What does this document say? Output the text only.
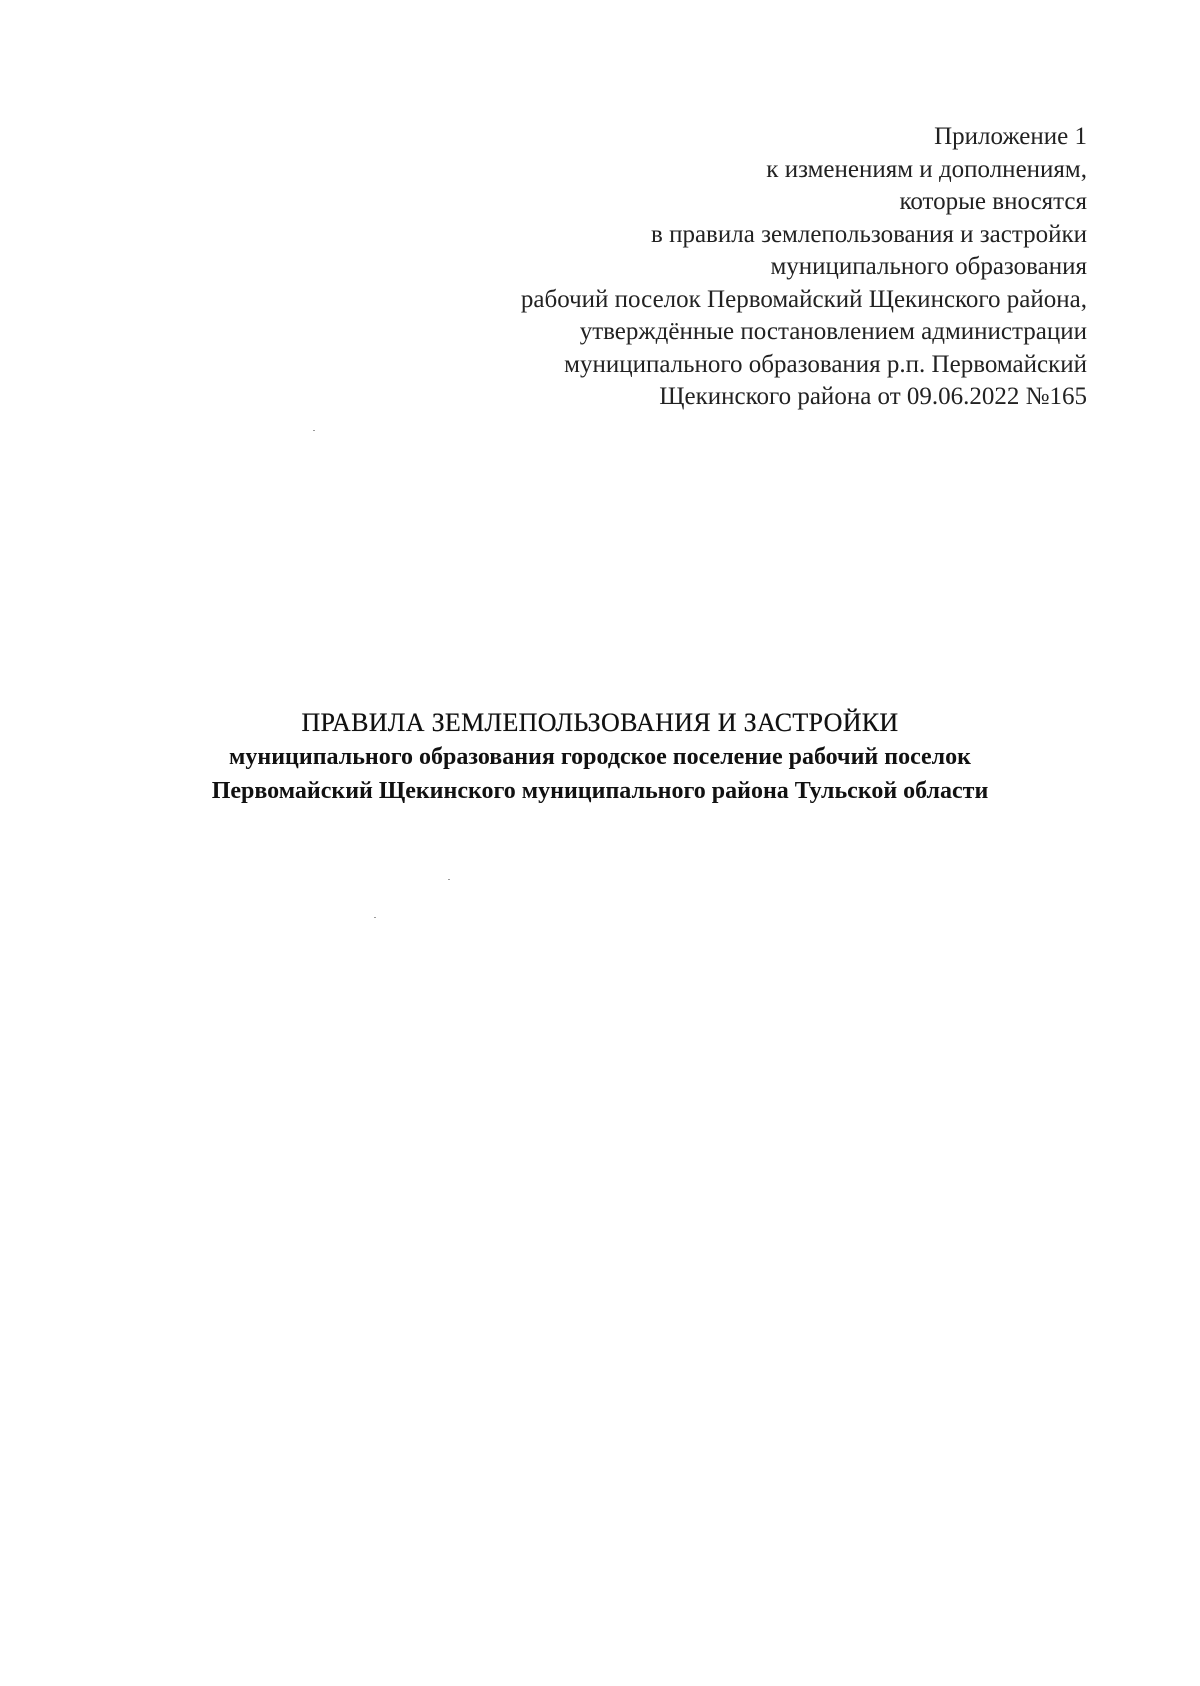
Приложение 1
к изменениям и дополнениям,
которые вносятся
в правила землепользования и застройки
муниципального образования
рабочий поселок Первомайский Щекинского района,
утверждённые постановлением администрации
муниципального образования р.п. Первомайский
Щекинского района от 09.06.2022 №165
ПРАВИЛА ЗЕМЛЕПОЛЬЗОВАНИЯ И ЗАСТРОЙКИ
муниципального образования городское поселение рабочий поселок
Первомайский Щекинского муниципального района Тульской области
